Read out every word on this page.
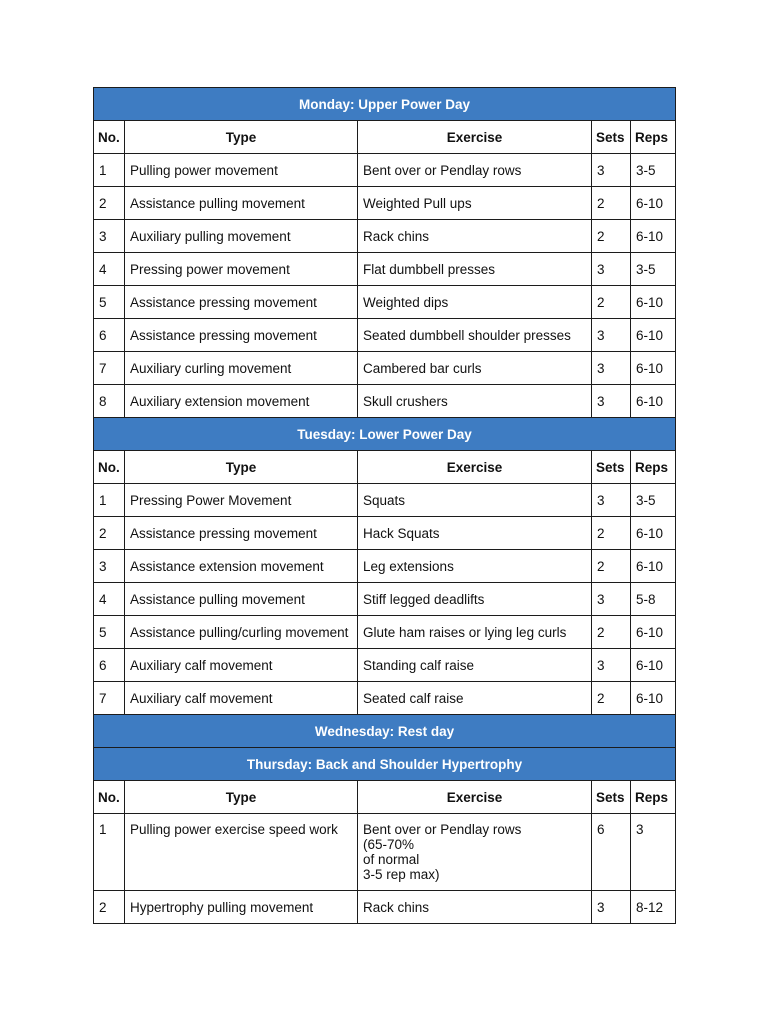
Monday: Upper Power Day				
No.	Type	Exercise	Sets	Reps
1	Pulling power movement	Bent over or Pendlay rows	3	3-5
2	Assistance pulling movement	Weighted Pull ups	2	6-10
3	Auxiliary pulling movement	Rack chins	2	6-10
4	Pressing power movement	Flat dumbbell presses	3	3-5
5	Assistance pressing movement	Weighted dips	2	6-10
6	Assistance pressing movement	Seated dumbbell shoulder presses	3	6-10
7	Auxiliary curling movement	Cambered bar curls	3	6-10
8	Auxiliary extension movement	Skull crushers	3	6-10
Tuesday: Lower Power Day				
No.	Type	Exercise	Sets	Reps
1	Pressing Power Movement	Squats	3	3-5
2	Assistance pressing movement	Hack Squats	2	6-10
3	Assistance extension movement	Leg extensions	2	6-10
4	Assistance pulling movement	Stiff legged deadlifts	3	5-8
5	Assistance pulling/curling movement	Glute ham raises or lying leg curls	2	6-10
6	Auxiliary calf movement	Standing calf raise	3	6-10
7	Auxiliary calf movement	Seated calf raise	2	6-10
Wednesday: Rest day				
Thursday: Back and Shoulder Hypertrophy				
No.	Type	Exercise	Sets	Reps
1	Pulling power exercise speed work	Bent over or Pendlay rows
(65-70%
of normal
3-5 rep max)	6	3
2	Hypertrophy pulling movement	Rack chins	3	8-12
